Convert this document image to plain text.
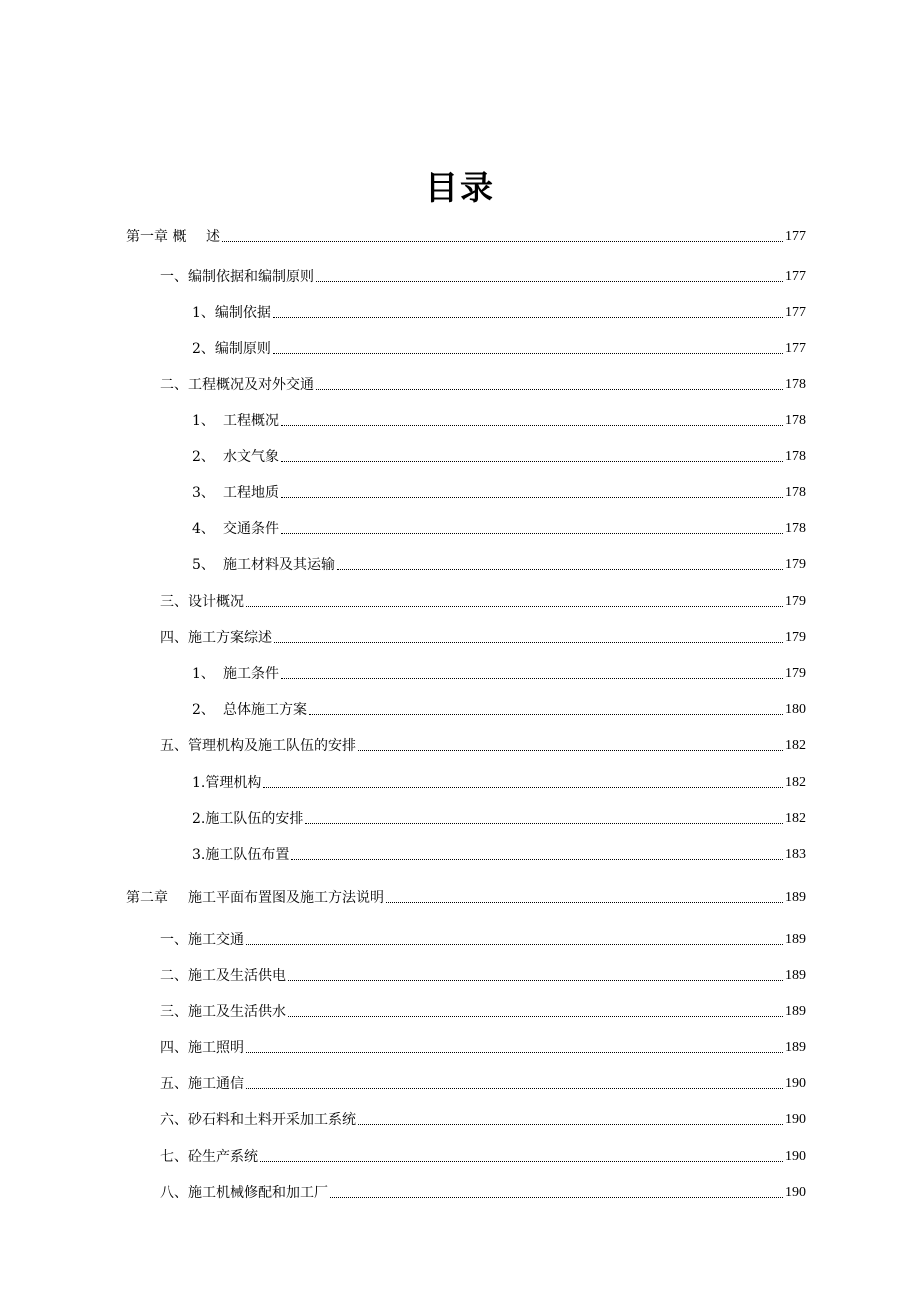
目录
第一章 概 述	177
一、编制依据和编制原则	177
1、编制依据	177
2、编制原则	177
二、工程概况及对外交通	178
1、 工程概况	178
2、 水文气象	178
3、 工程地质	178
4、 交通条件	178
5、 施工材料及其运输	179
三、设计概况	179
四、施工方案综述	179
1、 施工条件	179
2、 总体施工方案	180
五、管理机构及施工队伍的安排	182
1.管理机构	182
2.施工队伍的安排	182
3.施工队伍布置	183
第二章 施工平面布置图及施工方法说明	189
一、施工交通	189
二、施工及生活供电	189
三、施工及生活供水	189
四、施工照明	189
五、施工通信	190
六、砂石料和土料开采加工系统	190
七、砼生产系统	190
八、施工机械修配和加工厂	190
